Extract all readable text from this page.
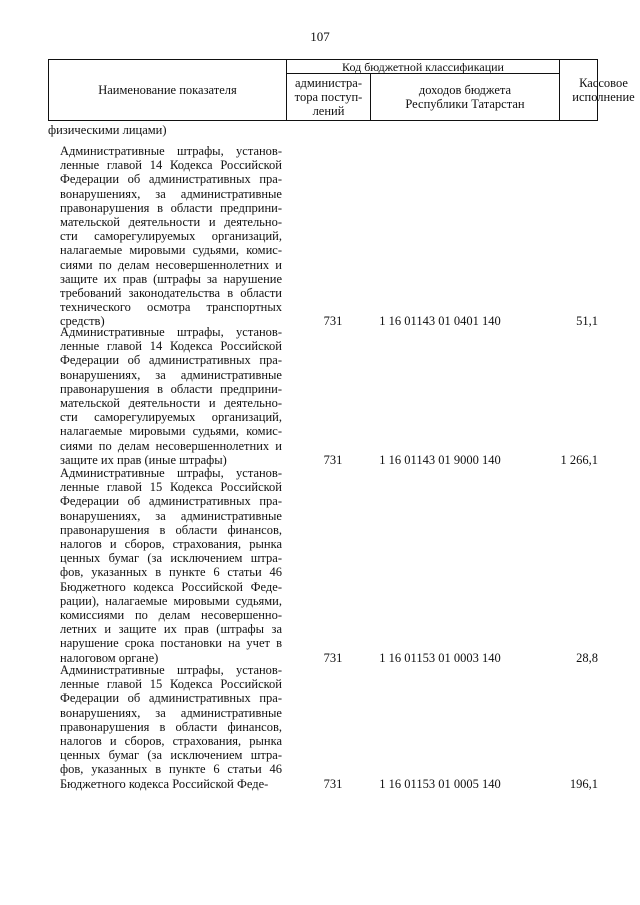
107
Наименование показателя
Код бюджетной классификации
администра-
тора поступ-
лений
доходов бюджета
Республики Татарстан
Кассовое
исполнение
физическими лицами)
Административные штрафы, установ-
ленные главой 14 Кодекса Российской
Федерации об административных пра-
вонарушениях, за административные
правонарушения в области предприни-
мательской деятельности и деятельно-
сти саморегулируемых организаций,
налагаемые мировыми судьями, комис-
сиями по делам несовершеннолетних и
защите их прав (штрафы за нарушение
требований законодательства в области
технического осмотра транспортных
средств)	731	1 16 01143 01 0401 140	51,1
Административные штрафы, установ-
ленные главой 14 Кодекса Российской
Федерации об административных пра-
вонарушениях, за административные
правонарушения в области предприни-
мательской деятельности и деятельно-
сти саморегулируемых организаций,
налагаемые мировыми судьями, комис-
сиями по делам несовершеннолетних и
защите их прав (иные штрафы)	731	1 16 01143 01 9000 140	1 266,1
Административные штрафы, установ-
ленные главой 15 Кодекса Российской
Федерации об административных пра-
вонарушениях, за административные
правонарушения в области финансов,
налогов и сборов, страхования, рынка
ценных бумаг (за исключением штра-
фов, указанных в пункте 6 статьи 46
Бюджетного кодекса Российской Феде-
рации), налагаемые мировыми судьями,
комиссиями по делам несовершенно-
летних и защите их прав (штрафы за
нарушение срока постановки на учет в
налоговом органе)	731	1 16 01153 01 0003 140	28,8
Административные штрафы, установ-
ленные главой 15 Кодекса Российской
Федерации об административных пра-
вонарушениях, за административные
правонарушения в области финансов,
налогов и сборов, страхования, рынка
ценных бумаг (за исключением штра-
фов, указанных в пункте 6 статьи 46
Бюджетного кодекса Российской Феде-	731	1 16 01153 01 0005 140	196,1
